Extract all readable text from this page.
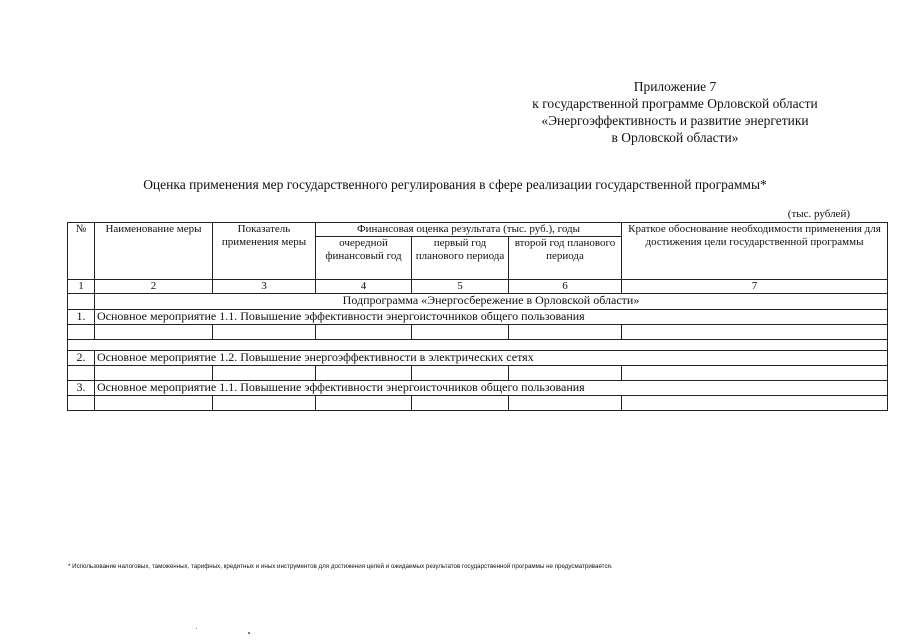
Приложение 7
к государственной программе Орловской области
«Энергоэффективность и развитие энергетики
в Орловской области»
Оценка применения мер государственного регулирования в сфере реализации государственной программы*
(тыс. рублей)
№	Наименование меры	Показатель применения меры	Финансовая оценка результата (тыс. руб.), годы			Краткое обоснование необходимости применения для достижения цели государственной программы
			очередной финансовый год	первый год планового периода	второй год планового периода	
1	2	3	4	5	6	7
	Подпрограмма «Энергосбережение в Орловской области»					
1.	Основное мероприятие 1.1. Повышение эффективности энергоисточников общего пользования					

2.	Основное мероприятие 1.2. Повышение энергоэффективности в электрических сетях					

3.	Основное мероприятие 1.1. Повышение эффективности энергоисточников общего пользования					

* Использование налоговых, таможенных, тарифных, кредитных и иных инструментов для достижения целей и ожидаемых результатов государственной программы не предусматривается.
